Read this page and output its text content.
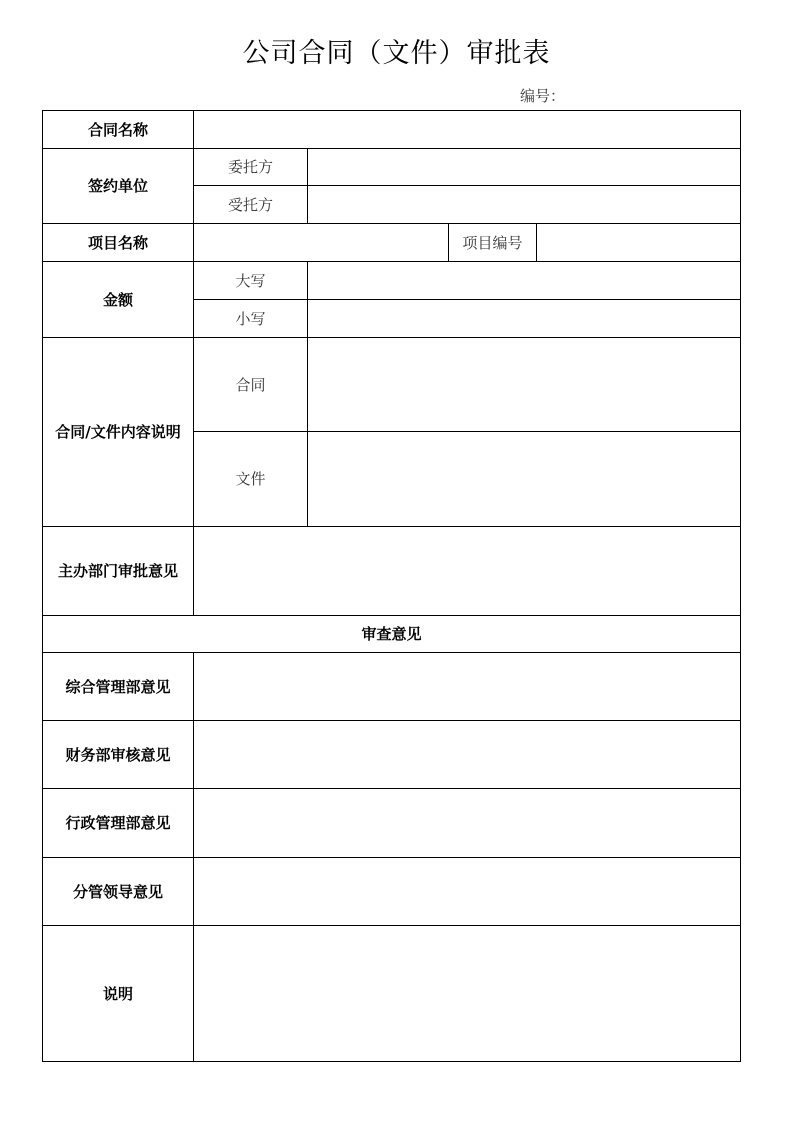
公司合同（文件）审批表
编号：
合同名称				
签约单位	委托方			
	受托方			
项目名称			项目编号	
金额	大写			
	小写			
合同/文件内容说明	合同			
	文件			
主办部门审批意见				
审查意见				
综合管理部意见				
财务部审核意见				
行政管理部意见				
分管领导意见				
说明				
